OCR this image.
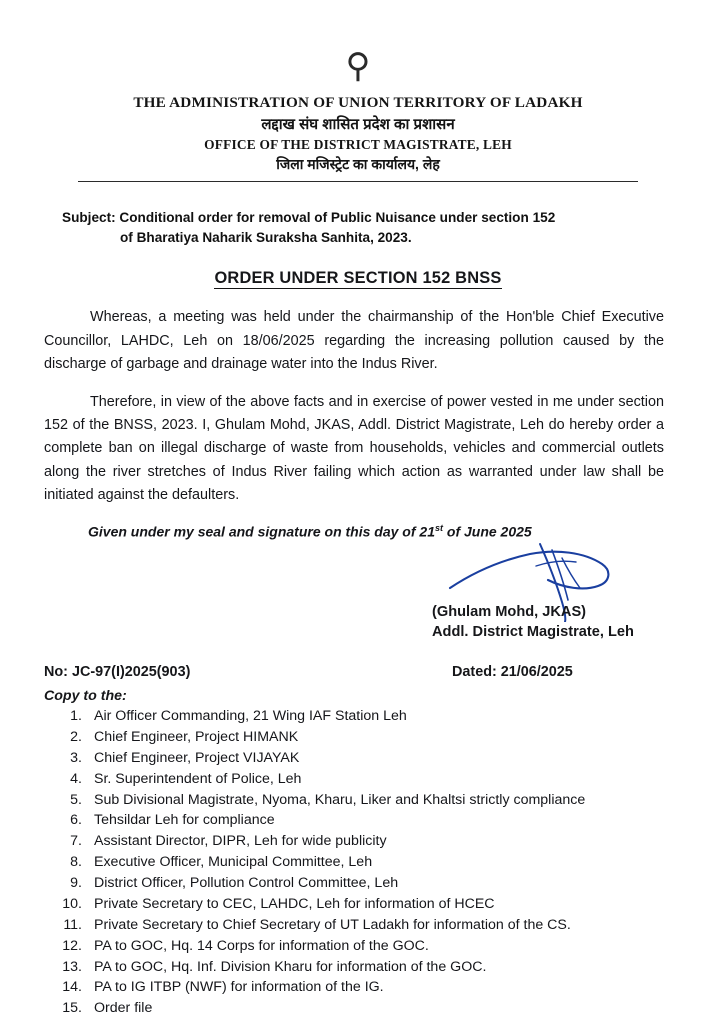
⚲
THE ADMINISTRATION OF UNION TERRITORY OF LADAKH
लद्दाख संघ शासित प्रदेश का प्रशासन
OFFICE OF THE DISTRICT MAGISTRATE, LEH
जिला मजिस्ट्रेट का कार्यालय, लेह
Subject: Conditional order for removal of Public Nuisance under section 152
of Bharatiya Naharik Suraksha Sanhita, 2023.
ORDER UNDER SECTION 152 BNSS

Whereas, a meeting was held under the chairmanship of the Hon'ble Chief Executive Councillor, LAHDC, Leh on 18/06/2025 regarding the increasing pollution caused by the discharge of garbage and drainage water into the Indus River.

Therefore, in view of the above facts and in exercise of power vested in me under section 152 of the BNSS, 2023. I, Ghulam Mohd, JKAS, Addl. District Magistrate, Leh do hereby order a complete ban on illegal discharge of waste from households, vehicles and commercial outlets along the river stretches of Indus River failing which action as warranted under law shall be initiated against the defaulters.

Given under my seal and signature on this day of 21st of June 2025
(Ghulam Mohd, JKAS)
Addl. District Magistrate, Leh
No: JC-97(I)2025(903)	Dated: 21/06/2025
Copy to the:
Air Officer Commanding, 21 Wing IAF Station Leh
Chief Engineer, Project HIMANK
Chief Engineer, Project VIJAYAK
Sr. Superintendent of Police, Leh
Sub Divisional Magistrate, Nyoma, Kharu, Liker and Khaltsi strictly compliance
Tehsildar Leh for compliance
Assistant Director, DIPR, Leh for wide publicity
Executive Officer, Municipal Committee, Leh
District Officer, Pollution Control Committee, Leh
Private Secretary to CEC, LAHDC, Leh for information of HCEC
Private Secretary to Chief Secretary of UT Ladakh for information of the CS.
PA to GOC, Hq. 14 Corps for information of the GOC.
PA to GOC, Hq. Inf. Division Kharu for information of the GOC.
PA to IG ITBP (NWF) for information of the IG.
Order file
